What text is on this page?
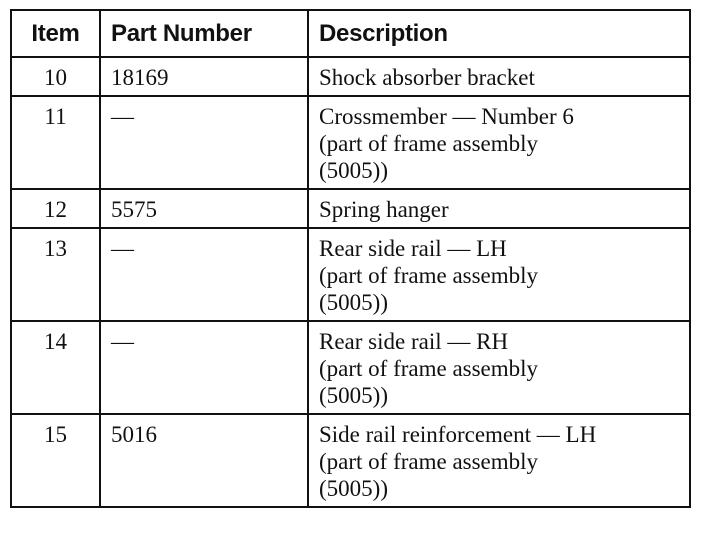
Item	Part Number	Description
10	18169	Shock absorber bracket

11	—	Crossmember — Number 6
(part of frame assembly
(5005))

12	5575	Spring hanger

13	—	Rear side rail — LH
(part of frame assembly
(5005))

14	—	Rear side rail — RH
(part of frame assembly
(5005))

15	5016	Side rail reinforcement — LH
(part of frame assembly
(5005))
